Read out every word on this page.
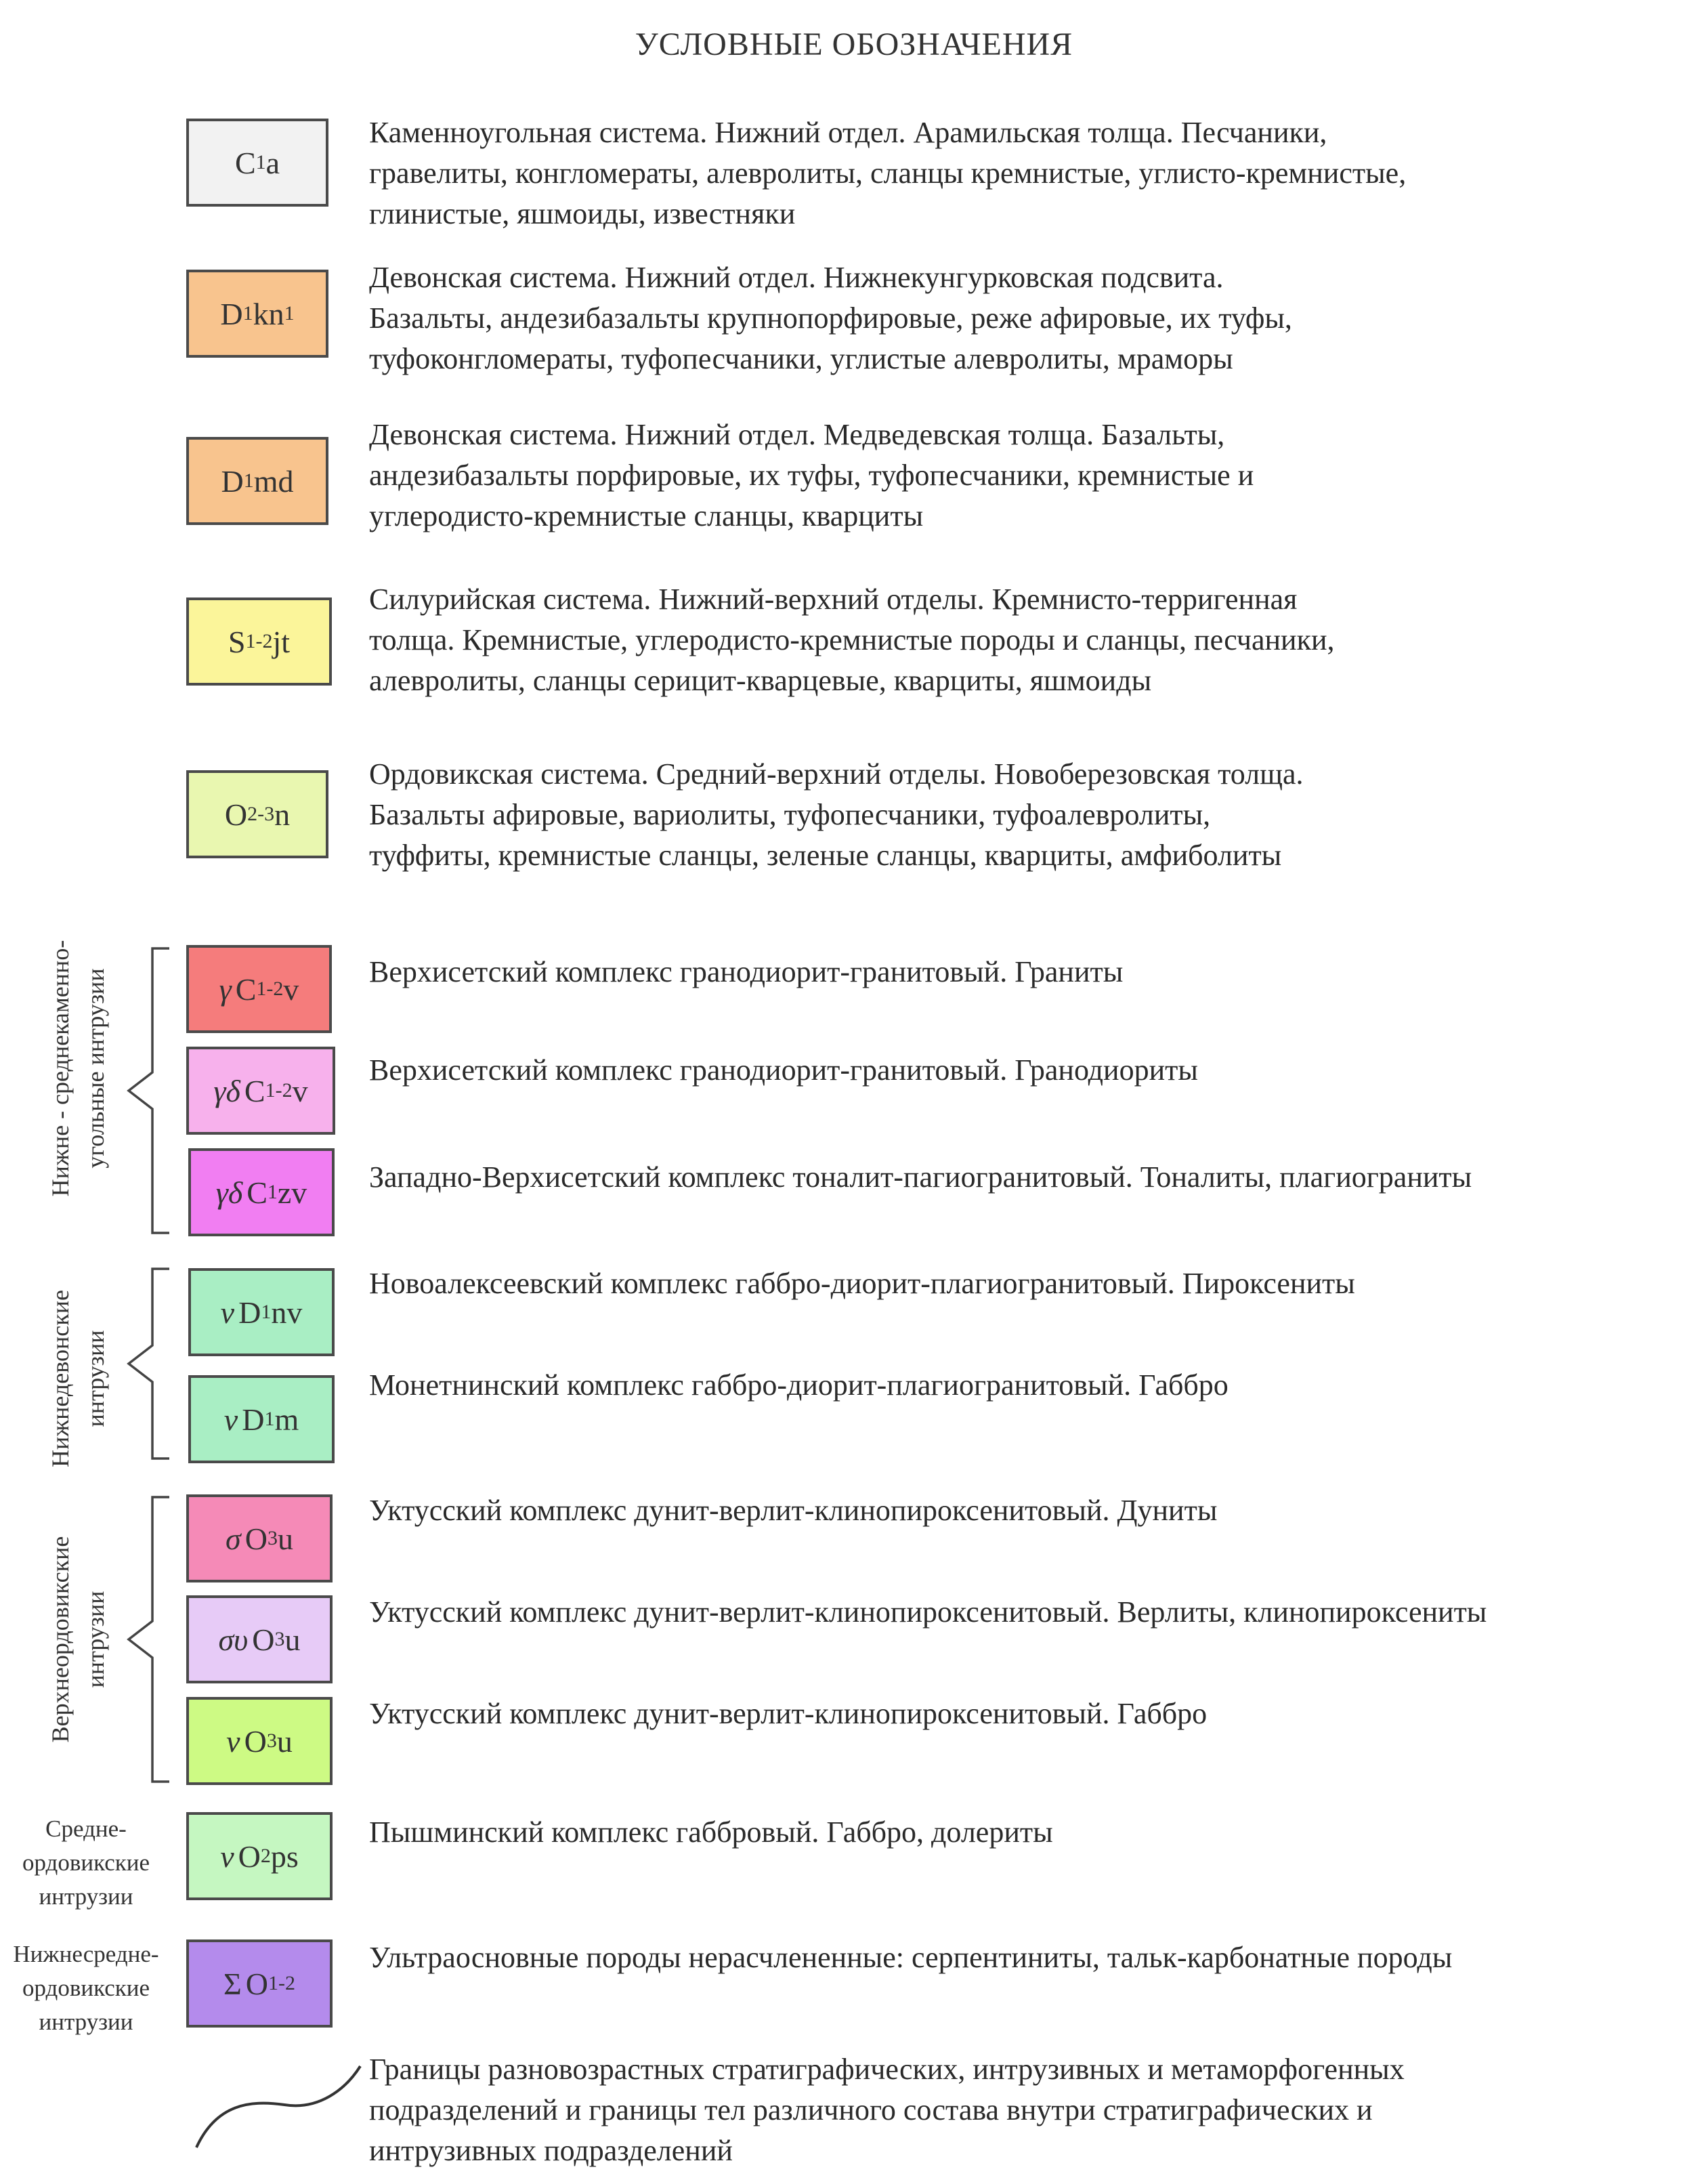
УСЛОВНЫЕ ОБОЗНАЧЕНИЯ
C 1 a
Каменноугольная система. Нижний отдел. Арамильская толща. Песчаники,
гравелиты, конгломераты, алевролиты, сланцы кремнистые, углисто-кремнистые,
глинистые, яшмоиды, известняки
D 1 kn 1
Девонская система. Нижний отдел. Нижнекунгурковская подсвита.
Базальты, андезибазальты крупнопорфировые, реже афировые, их туфы,
туфоконгломераты, туфопесчаники, углистые алевролиты, мраморы
D 1 md
Девонская система. Нижний отдел. Медведевская толща. Базальты,
андезибазальты порфировые, их туфы, туфопесчаники, кремнистые и
углеродисто-кремнистые сланцы, кварциты
S 1-2 jt
Силурийская система. Нижний-верхний отделы. Кремнисто-терригенная
толща. Кремнистые, углеродисто-кремнистые породы и сланцы, песчаники,
алевролиты, сланцы серицит-кварцевые, кварциты, яшмоиды
O 2-3 n
Ордовикская система. Средний-верхний отделы. Новоберезовская толща.
Базальты афировые, вариолиты, туфопесчаники, туфоалевролиты,
туффиты, кремнистые сланцы, зеленые сланцы, кварциты, амфиболиты
Нижне - среднекаменно- угольные интрузии	γ C 1-2 v Верхисетский комплекс гранодиорит-гранитовый. Граниты
γδ C 1-2 v
Верхисетский комплекс гранодиорит-гранитовый. Гранодиориты
γδ C 1 zv Западно-Верхисетский комплекс тоналит-пагиогранитовый. Тоналиты, плагиограниты
Нижнедевонские интрузии
ν D 1 nv
Новоалексеевский комплекс габбро-диорит-плагиогранитовый. Пироксениты
ν D 1 m
Монетнинский комплекс габбро-диорит-плагиогранитовый. Габбро
Верхнеордовикские интрузии
σ O 3 u
Уктусский комплекс дунит-верлит-клинопироксенитовый. Дуниты
συ O 3 u
Уктусский комплекс дунит-верлит-клинопироксенитовый. Верлиты, клинопироксениты
ν O 3 u
Уктусский комплекс дунит-верлит-клинопироксенитовый. Габбро
Средне-
ордовикские
интрузии
ν O 2 ps
Пышминский комплекс габбровый. Габбро, долериты
Нижнесредне-
ордовикские
интрузии
Σ O 1-2
Ультраосновные породы нерасчлененные: серпентиниты, тальк-карбонатные породы
Границы разновозрастных стратиграфических, интрузивных и метаморфогенных
подразделений и границы тел различного состава внутри стратиграфических и
интрузивных подразделений
